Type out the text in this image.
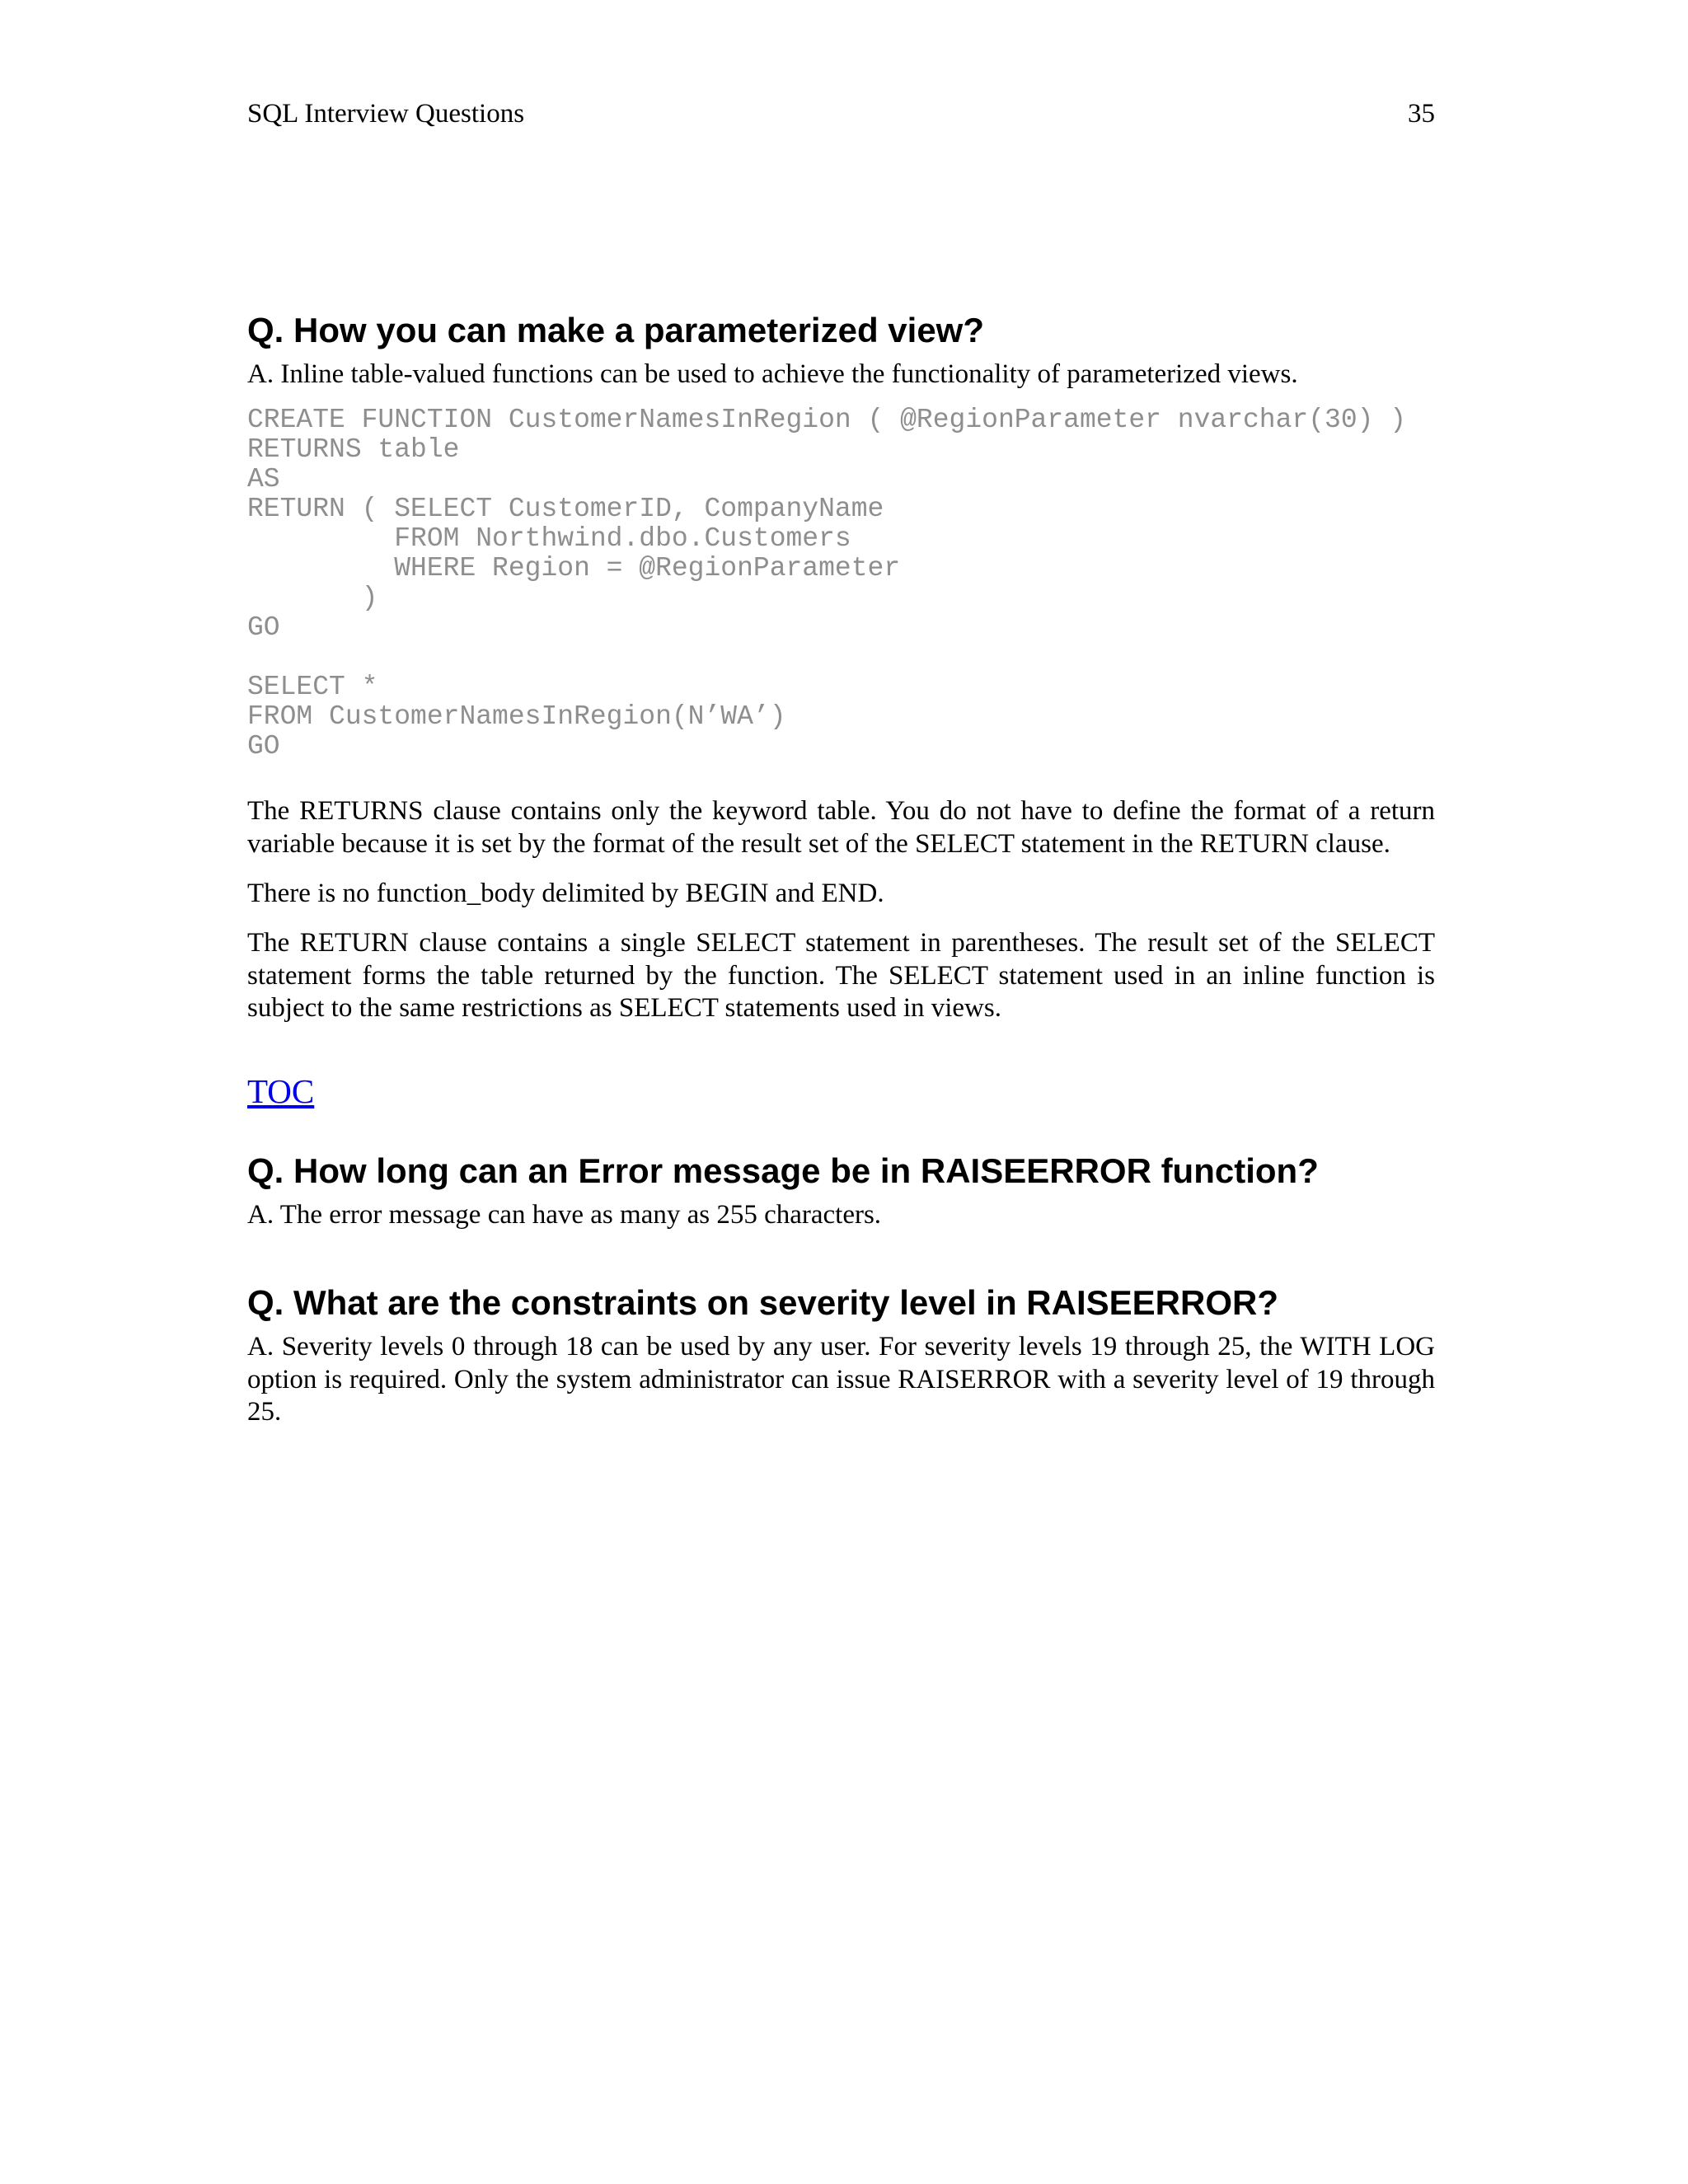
SQL Interview Questions	35
Q. How you can make a parameterized view?

A. Inline table-valued functions can be used to achieve the functionality of parameterized views.

CREATE FUNCTION CustomerNamesInRegion ( @RegionParameter nvarchar(30) )
RETURNS table
AS
RETURN ( SELECT CustomerID, CompanyName
FROM Northwind.dbo.Customers
WHERE Region = @RegionParameter
)
GO

SELECT *
FROM CustomerNamesInRegion(N’WA’)
GO

The RETURNS clause contains only the keyword table. You do not have to define the format of a return variable because it is set by the format of the result set of the SELECT statement in the RETURN clause.

There is no function_body delimited by BEGIN and END.

The RETURN clause contains a single SELECT statement in parentheses. The result set of the SELECT statement forms the table returned by the function. The SELECT statement used in an inline function is subject to the same restrictions as SELECT statements used in views.

TOC
Q. How long can an Error message be in RAISEERROR function?

A. The error message can have as many as 255 characters.

Q. What are the constraints on severity level in RAISEERROR?

A. Severity levels 0 through 18 can be used by any user. For severity levels 19 through 25, the WITH LOG option is required. Only the system administrator can issue RAISERROR with a severity level of 19 through 25.
